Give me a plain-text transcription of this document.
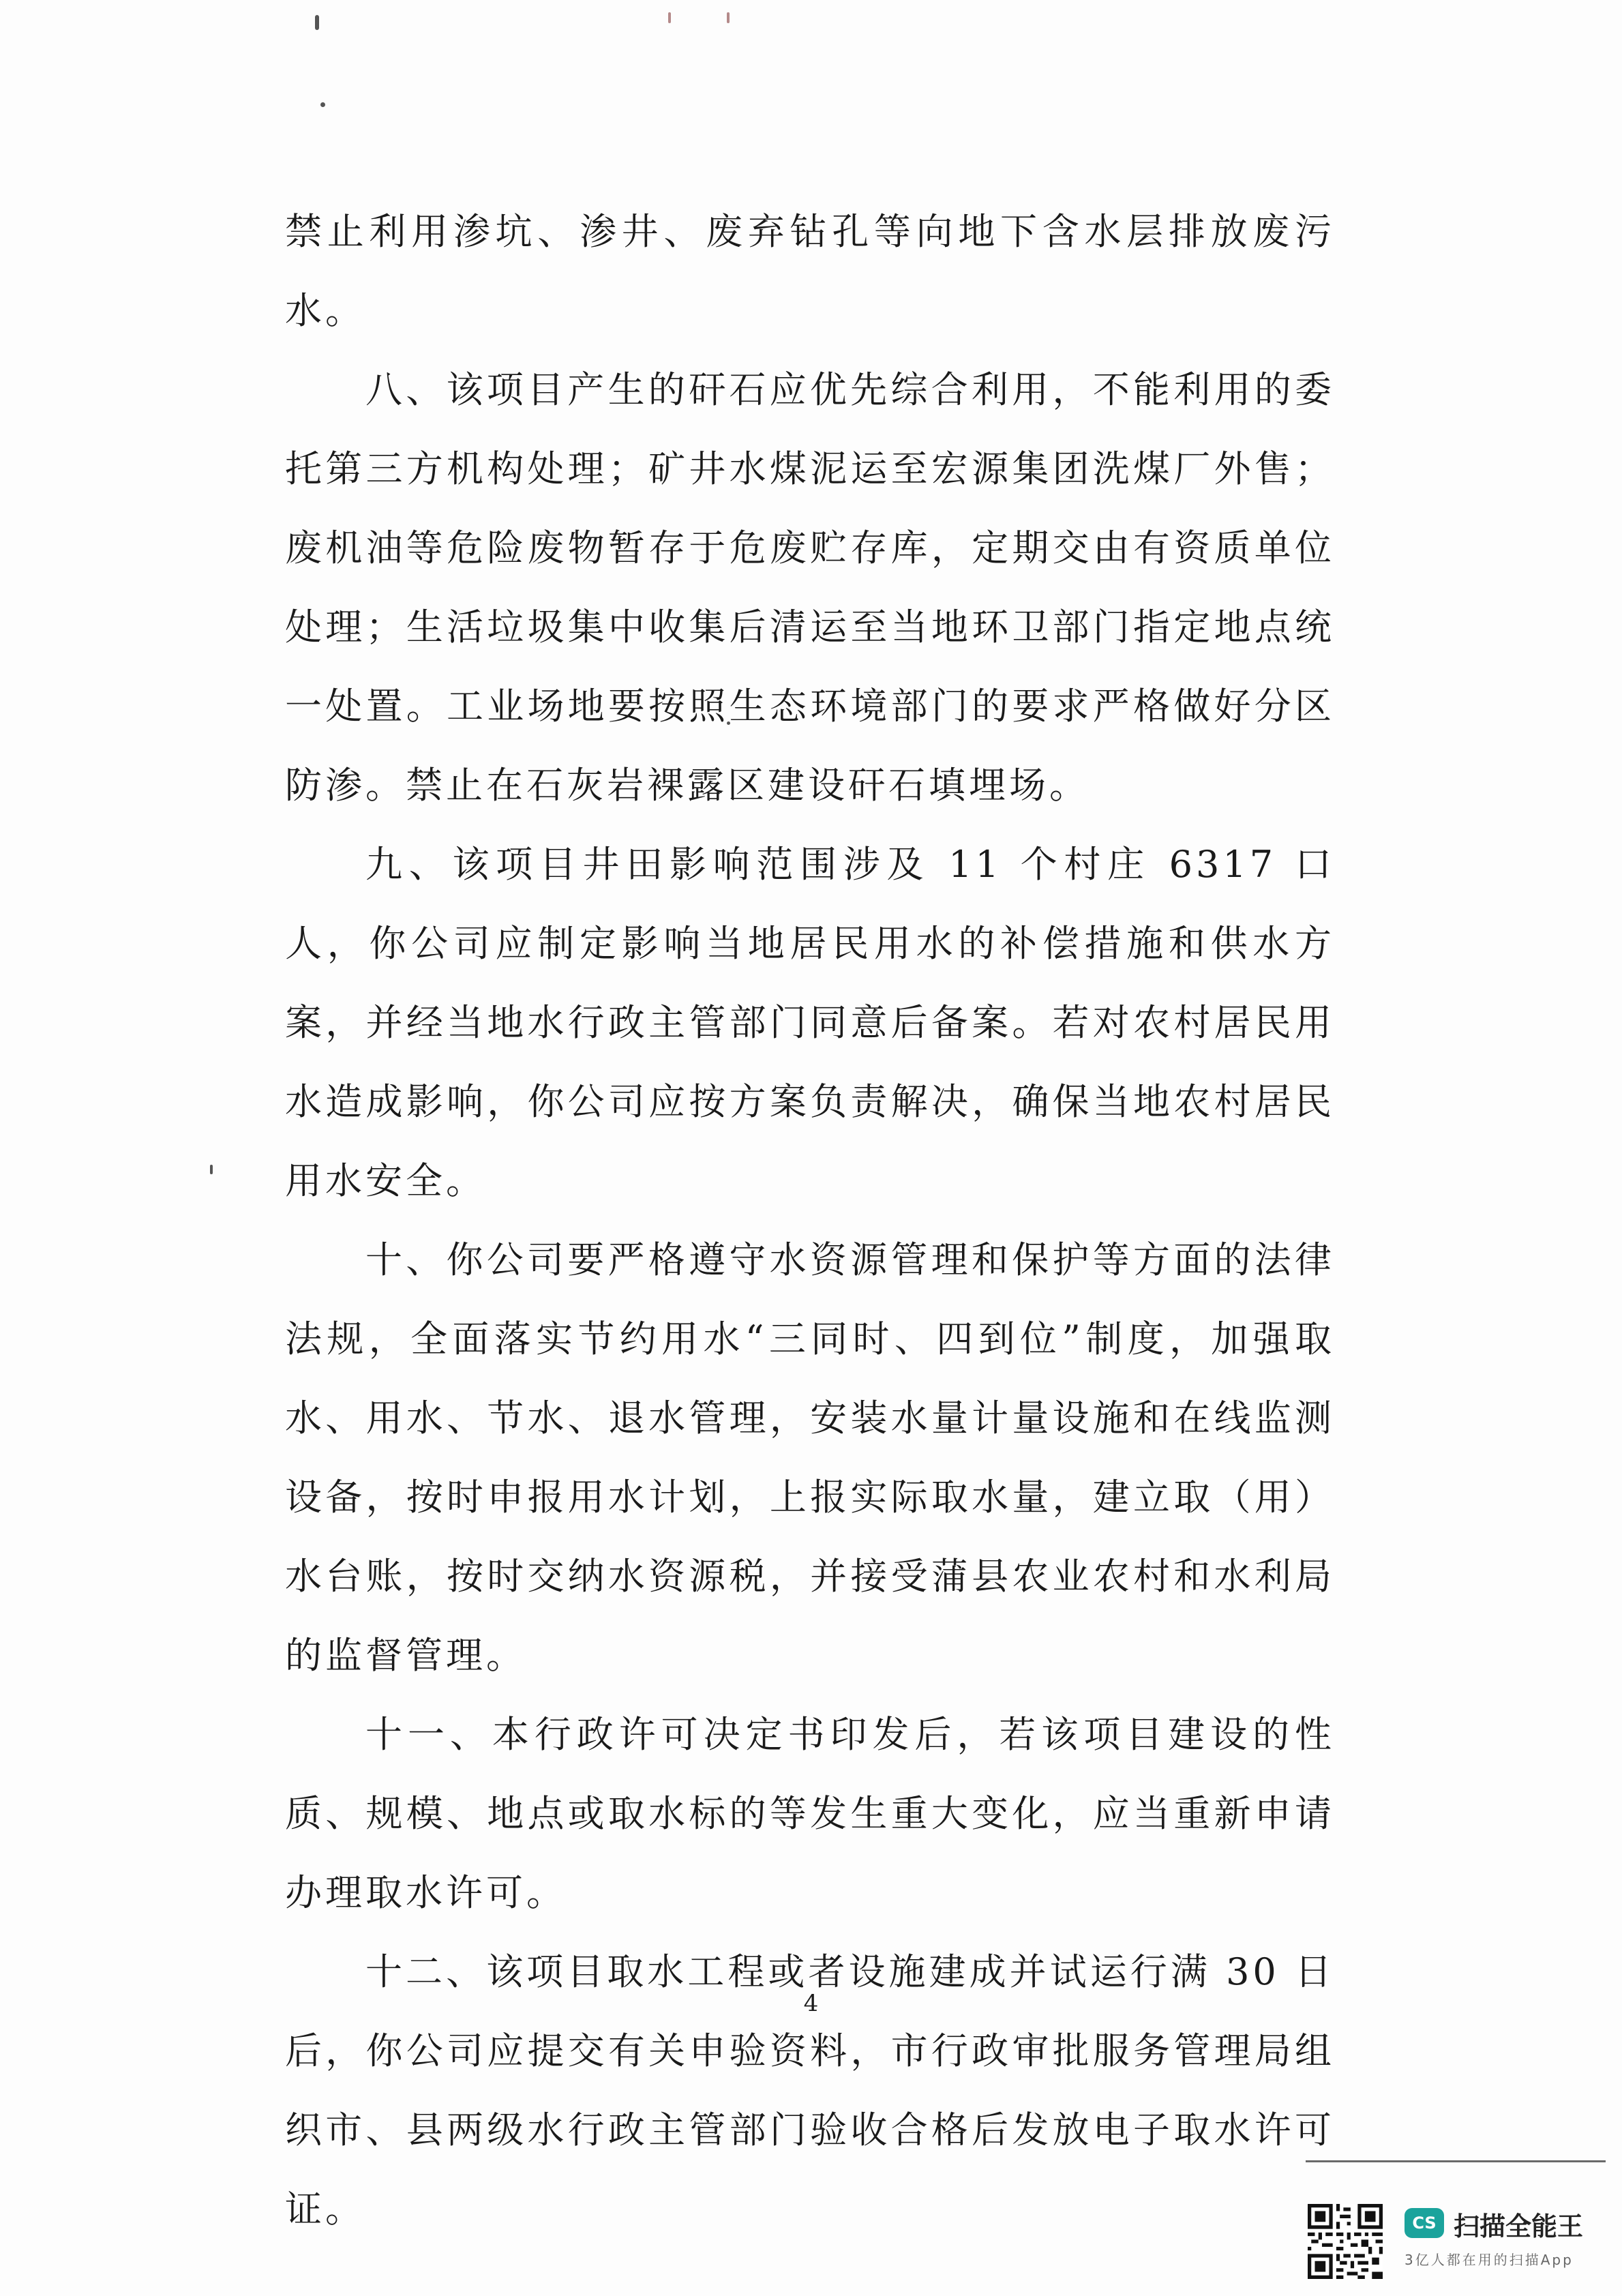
禁止利用渗坑、渗井、废弃钻孔等向地下含水层排放废污水。

八、该项目产生的矸石应优先综合利用，不能利用的委托第三方机构处理；矿井水煤泥运至宏源集团洗煤厂外售；废机油等危险废物暂存于危废贮存库，定期交由有资质单位处理；生活垃圾集中收集后清运至当地环卫部门指定地点统一处置。工业场地要按照生态环境部门的要求严格做好分区防渗。禁止在石灰岩裸露区建设矸石填埋场。

九、该项目井田影响范围涉及 11 个村庄 6317 口人，你公司应制定影响当地居民用水的补偿措施和供水方案，并经当地水行政主管部门同意后备案。若对农村居民用水造成影响，你公司应按方案负责解决，确保当地农村居民用水安全。

十、你公司要严格遵守水资源管理和保护等方面的法律法规，全面落实节约用水“三同时、四到位”制度，加强取水、用水、节水、退水管理，安装水量计量设施和在线监测设备，按时申报用水计划，上报实际取水量，建立取（用）水台账，按时交纳水资源税，并接受蒲县农业农村和水利局的监督管理。

十一、本行政许可决定书印发后，若该项目建设的性质、规模、地点或取水标的等发生重大变化，应当重新申请办理取水许可。

十二、该项目取水工程或者设施建成并试运行满 30 日后，你公司应提交有关申验资料，市行政审批服务管理局组织市、县两级水行政主管部门验收合格后发放电子取水许可证。

4
CS 扫描全能王
3亿人都在用的扫描App
